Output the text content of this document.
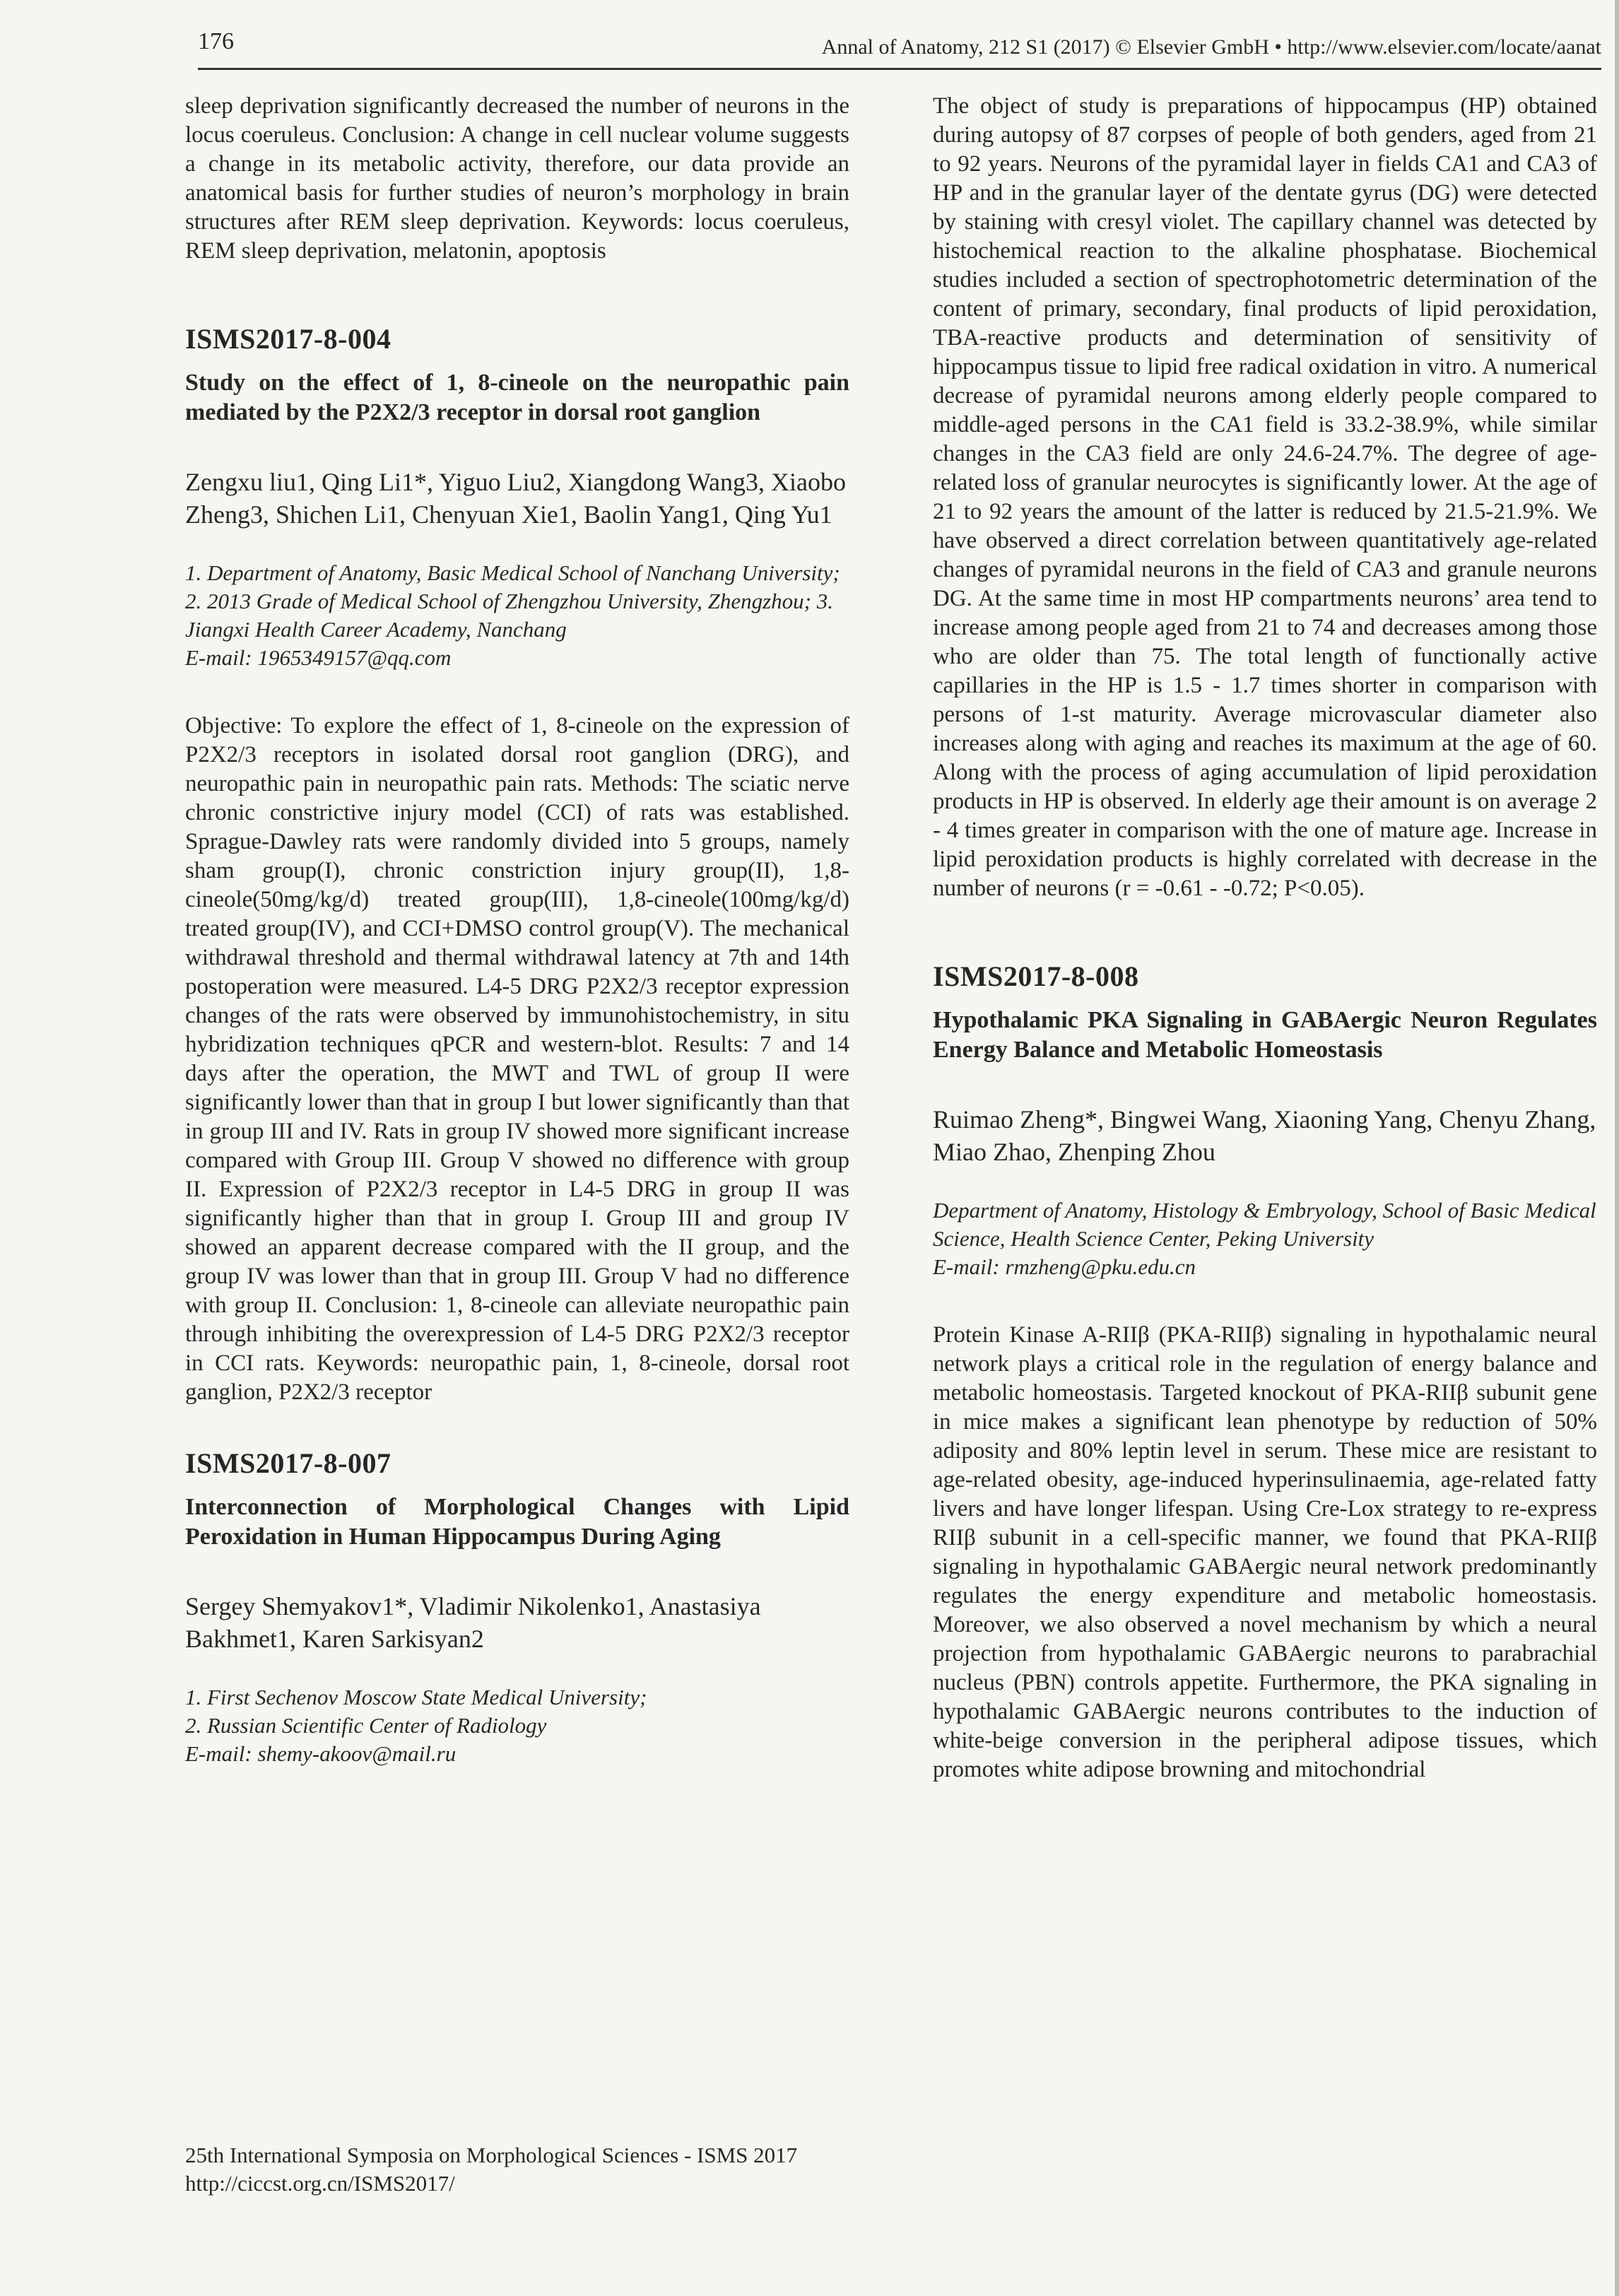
176	Annal of Anatomy, 212 S1 (2017) © Elsevier GmbH • http://www.elsevier.com/locate/aanat

sleep deprivation significantly decreased the number of neurons in the locus coeruleus. Conclusion: A change in cell nuclear volume suggests a change in its metabolic activity, therefore, our data provide an anatomical basis for further studies of neuron’s morphology in brain structures after REM sleep deprivation. Keywords: locus coeruleus, REM sleep deprivation, melatonin, apoptosis

ISMS2017-8-004

Study on the effect of 1, 8-cineole on the neuropathic pain mediated by the P2X2/3 receptor in dorsal root ganglion

Zengxu liu1, Qing Li1*, Yiguo Liu2, Xiangdong Wang3, Xiaobo Zheng3, Shichen Li1, Chenyuan Xie1, Baolin Yang1, Qing Yu1

1. Department of Anatomy, Basic Medical School of Nanchang University; 2. 2013 Grade of Medical School of Zhengzhou University, Zhengzhou; 3. Jiangxi Health Career Academy, Nanchang

E-mail: 1965349157@qq.com

Objective: To explore the effect of 1, 8-cineole on the expression of P2X2/3 receptors in isolated dorsal root ganglion (DRG), and neuropathic pain in neuropathic pain rats. Methods: The sciatic nerve chronic constrictive injury model (CCI) of rats was established. Sprague-Dawley rats were randomly divided into 5 groups, namely sham group(I), chronic constriction injury group(II), 1,8-cineole(50mg/kg/d) treated group(III), 1,8-cineole(100mg/kg/d) treated group(IV), and CCI+DMSO control group(V). The mechanical withdrawal threshold and thermal withdrawal latency at 7th and 14th postoperation were measured. L4-5 DRG P2X2/3 receptor expression changes of the rats were observed by immunohistochemistry, in situ hybridization techniques qPCR and western-blot. Results: 7 and 14 days after the operation, the MWT and TWL of group II were significantly lower than that in group I but lower significantly than that in group III and IV. Rats in group IV showed more significant increase compared with Group III. Group V showed no difference with group II. Expression of P2X2/3 receptor in L4-5 DRG in group II was significantly higher than that in group I. Group III and group IV showed an apparent decrease compared with the II group, and the group IV was lower than that in group III. Group V had no difference with group II. Conclusion: 1, 8-cineole can alleviate neuropathic pain through inhibiting the overexpression of L4-5 DRG P2X2/3 receptor in CCI rats. Keywords: neuropathic pain, 1, 8-cineole, dorsal root ganglion, P2X2/3 receptor

ISMS2017-8-007

Interconnection of Morphological Changes with Lipid Peroxidation in Human Hippocampus During Aging

Sergey Shemyakov1*, Vladimir Nikolenko1, Anastasiya Bakhmet1, Karen Sarkisyan2

1. First Sechenov Moscow State Medical University;

2. Russian Scientific Center of Radiology

E-mail: shemy-akoov@mail.ru

The object of study is preparations of hippocampus (HP) obtained during autopsy of 87 corpses of people of both genders, aged from 21 to 92 years. Neurons of the pyramidal layer in fields CA1 and CA3 of HP and in the granular layer of the dentate gyrus (DG) were detected by staining with cresyl violet. The capillary channel was detected by histochemical reaction to the alkaline phosphatase. Biochemical studies included a section of spectrophotometric determination of the content of primary, secondary, final products of lipid peroxidation, TBA-reactive products and determination of sensitivity of hippocampus tissue to lipid free radical oxidation in vitro. A numerical decrease of pyramidal neurons among elderly people compared to middle-aged persons in the CA1 field is 33.2-38.9%, while similar changes in the CA3 field are only 24.6-24.7%. The degree of age-related loss of granular neurocytes is significantly lower. At the age of 21 to 92 years the amount of the latter is reduced by 21.5-21.9%. We have observed a direct correlation between quantitatively age-related changes of pyramidal neurons in the field of CA3 and granule neurons DG. At the same time in most HP compartments neurons’ area tend to increase among people aged from 21 to 74 and decreases among those who are older than 75. The total length of functionally active capillaries in the HP is 1.5 - 1.7 times shorter in comparison with persons of 1-st maturity. Average microvascular diameter also increases along with aging and reaches its maximum at the age of 60. Along with the process of aging accumulation of lipid peroxidation products in HP is observed. In elderly age their amount is on average 2 - 4 times greater in comparison with the one of mature age. Increase in lipid peroxidation products is highly correlated with decrease in the number of neurons (r = -0.61 - -0.72; P<0.05).

ISMS2017-8-008

Hypothalamic PKA Signaling in GABAergic Neuron Regulates Energy Balance and Metabolic Homeostasis

Ruimao Zheng*, Bingwei Wang, Xiaoning Yang, Chenyu Zhang, Miao Zhao, Zhenping Zhou

Department of Anatomy, Histology & Embryology, School of Basic Medical Science, Health Science Center, Peking University

E-mail: rmzheng@pku.edu.cn

Protein Kinase A-RIIβ (PKA-RIIβ) signaling in hypothalamic neural network plays a critical role in the regulation of energy balance and metabolic homeostasis. Targeted knockout of PKA-RIIβ subunit gene in mice makes a significant lean phenotype by reduction of 50% adiposity and 80% leptin level in serum. These mice are resistant to age-related obesity, age-induced hyperinsulinaemia, age-related fatty livers and have longer lifespan. Using Cre-Lox strategy to re-express RIIβ subunit in a cell-specific manner, we found that PKA-RIIβ signaling in hypothalamic GABAergic neural network predominantly regulates the energy expenditure and metabolic homeostasis. Moreover, we also observed a novel mechanism by which a neural projection from hypothalamic GABAergic neurons to parabrachial nucleus (PBN) controls appetite. Furthermore, the PKA signaling in hypothalamic GABAergic neurons contributes to the induction of white-beige conversion in the peripheral adipose tissues, which promotes white adipose browning and mitochondrial

25th International Symposia on Morphological Sciences - ISMS 2017
http://ciccst.org.cn/ISMS2017/
